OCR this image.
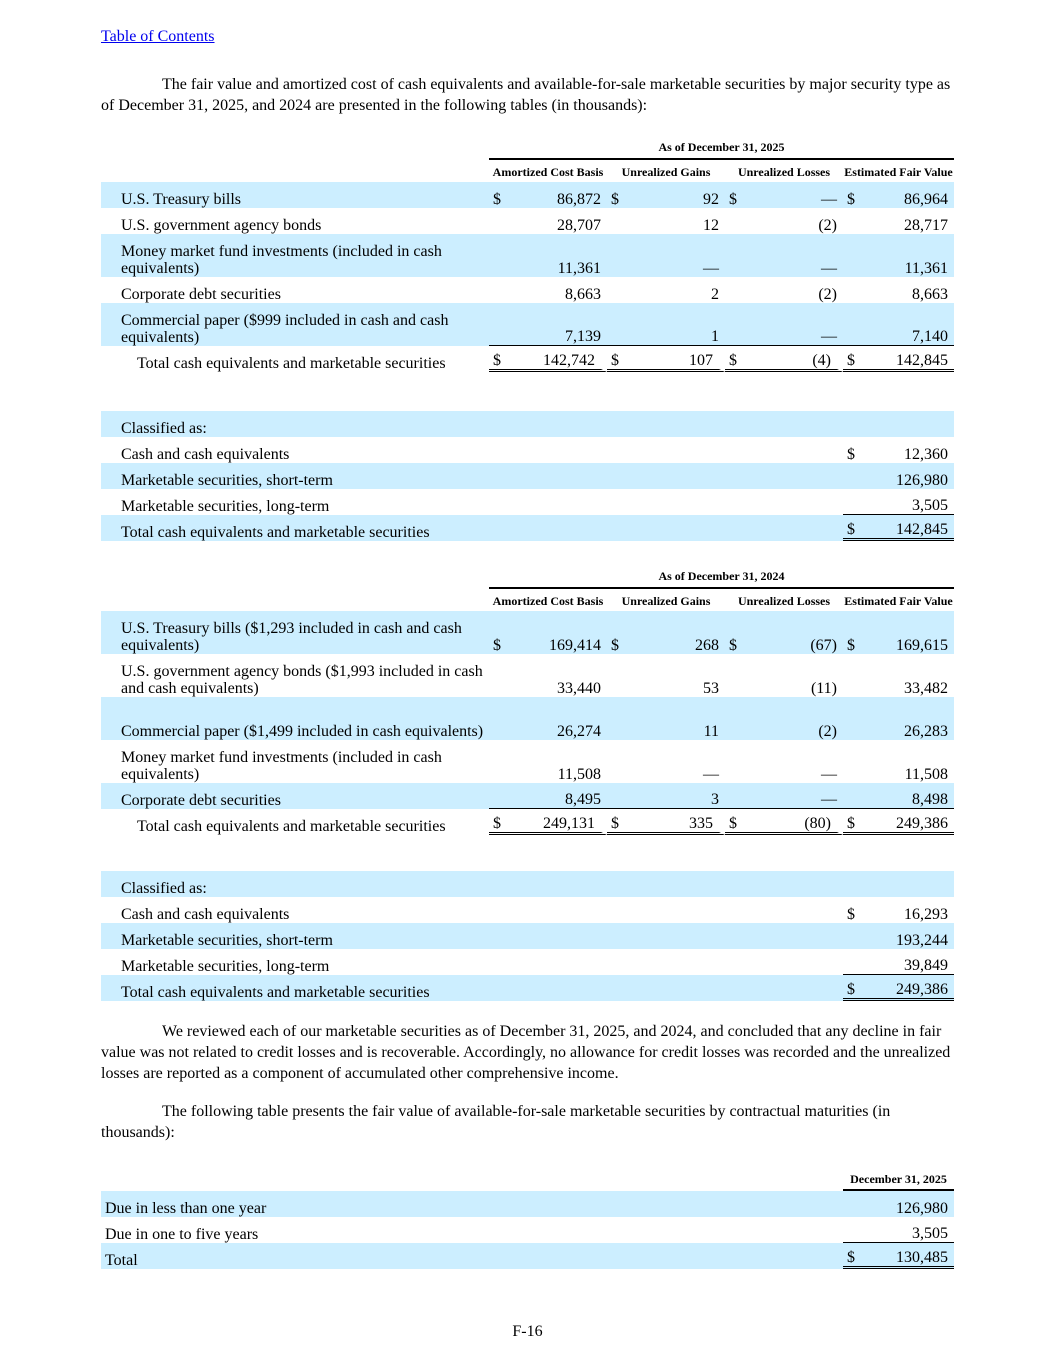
Table of Contents

The fair value and amortized cost of cash equivalents and available-for-sale marketable securities by major security type as of December 31, 2025, and 2024 are presented in the following tables (in thousands):

	As of December 31, 2025							
	Amortized Cost Basis		Unrealized Gains		Unrealized Losses		Estimated Fair Value	
U.S. Treasury bills	$	86,872	$	92	$	—	$	86,964
U.S. government agency bonds		28,707		12		(2)		28,717
Money market fund investments (included in cash equivalents)		11,361		—		—		11,361
Corporate debt securities		8,663		2		(2)		8,663
Commercial paper ($999 included in cash and cash equivalents)		7,139		1		—		7,140
Total cash equivalents and marketable securities	$	142,742	$	107	$	(4)	$	142,845
Classified as:		
Cash and cash equivalents	$	12,360
Marketable securities, short-term		126,980
Marketable securities, long-term		3,505
Total cash equivalents and marketable securities	$	142,845
	As of December 31, 2024							
	Amortized Cost Basis		Unrealized Gains		Unrealized Losses		Estimated Fair Value	
U.S. Treasury bills ($1,293 included in cash and cash equivalents)	$	169,414	$	268	$	(67)	$	169,615
U.S. government agency bonds ($1,993 included in cash and cash equivalents)		33,440		53		(11)		33,482
Commercial paper ($1,499 included in cash equivalents)		26,274		11		(2)		26,283
Money market fund investments (included in cash equivalents)		11,508		—		—		11,508
Corporate debt securities		8,495		3		—		8,498
Total cash equivalents and marketable securities	$	249,131	$	335	$	(80)	$	249,386
Classified as:		
Cash and cash equivalents	$	16,293
Marketable securities, short-term		193,244
Marketable securities, long-term		39,849
Total cash equivalents and marketable securities	$	249,386

We reviewed each of our marketable securities as of December 31, 2025, and 2024, and concluded that any decline in fair value was not related to credit losses and is recoverable. Accordingly, no allowance for credit losses was recorded and the unrealized losses are reported as a component of accumulated other comprehensive income.

The following table presents the fair value of available-for-sale marketable securities by contractual maturities (in thousands):

	December 31, 2025	
Due in less than one year		126,980
Due in one to five years		3,505
Total	$	130,485
F-16
